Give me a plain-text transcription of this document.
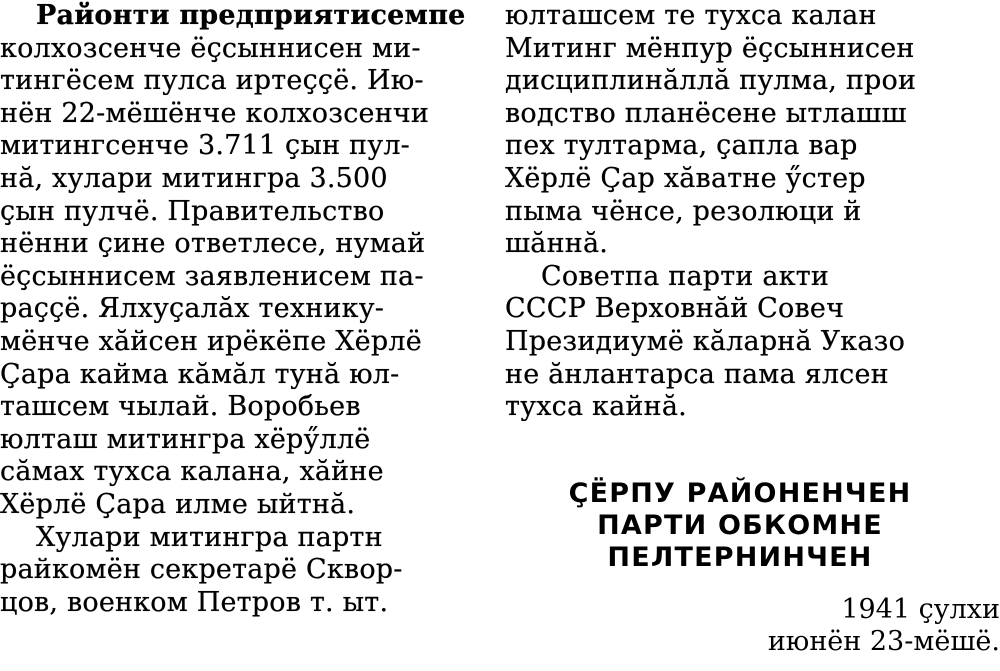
Районти предприятисемпе
колхозсенче ёҫсыннисен ми-
тингёсем пулса иртеҫҫё. Ию-
нён 22-мёшёнче колхозсенчи
митингсенче 3.711 ҫын пул-
нă, хулари митингра 3.500
ҫын пулчё. Правительство
нённи ҫине ответлесе, нумай
ёҫсыннисем заявленисем па-
раҫҫё. Ялхуҫалăх технику-
мёнче хăйсен ирёкёпе Хёрлё
Ҫара кайма кăмăл тунă юл-
ташсем чылай. Воробьев
юлташ митингра хёрӳллё
сăмах тухса калана, хăйне
Хёрлё Ҫара илме ыйтнă.
Хулари митингра партн
райкомён секретарё Сквор-
цов, военком Петров т. ыт.
юлташсем те тухса калан
Митинг мёнпур ёҫсыннисен
дисциплинăллă пулма, прои
водство планёсене ытлашш
пех тултарма, ҫапла вар
Хёрлё Ҫар хăватне ӳстер
пыма чёнсе, резолюци й
шăннă.
Советпа парти акти
СССР Верховнăй Совеч
Президиумё кăларнă Указо
не ăнлантарса пама ялсен
тухса кайнă.
ҪЁРПУ РАЙОНЕНЧЕН
ПАРТИ ОБКОМНЕ
ПЕЛТЕРНИНЧЕН
1941 ҫулхи
июнён 23-мёшё.
